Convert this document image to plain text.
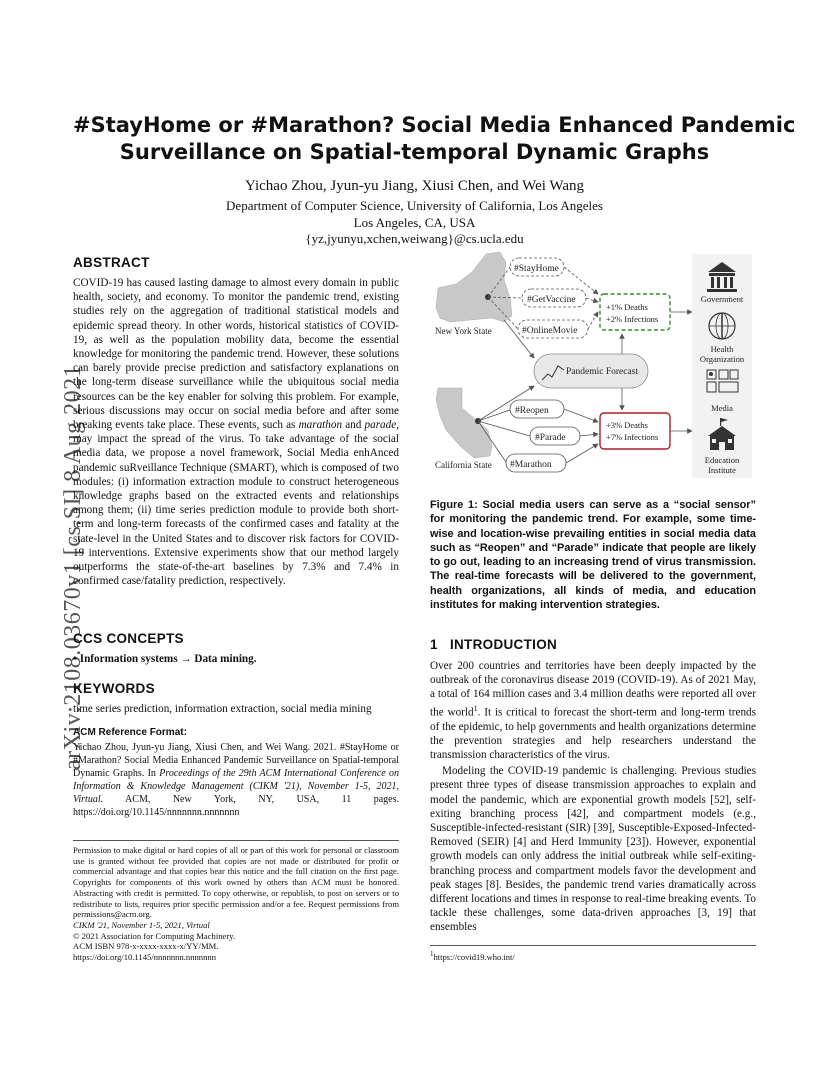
arXiv:2108.03670v1 [cs.SI] 8 Aug 2021
#StayHome or #Marathon? Social Media Enhanced Pandemic
Surveillance on Spatial-temporal Dynamic Graphs
Yichao Zhou, Jyun-yu Jiang, Xiusi Chen, and Wei Wang
Department of Computer Science, University of California, Los Angeles
Los Angeles, CA, USA
{yz,jyunyu,xchen,weiwang}@cs.ucla.edu
ABSTRACT

COVID-19 has caused lasting damage to almost every domain in public health, society, and economy. To monitor the pandemic trend, existing studies rely on the aggregation of traditional statistical models and epidemic spread theory. In other words, historical statistics of COVID-19, as well as the population mobility data, become the essential knowledge for monitoring the pandemic trend. However, these solutions can barely provide precise prediction and satisfactory explanations on the long-term disease surveillance while the ubiquitous social media resources can be the key enabler for solving this problem. For example, serious discussions may occur on social media before and after some breaking events take place. These events, such as marathon and parade, may impact the spread of the virus. To take advantage of the social media data, we propose a novel framework, Social Media enhAnced pandemic suRveillance Technique (SMART), which is composed of two modules: (i) information extraction module to construct heterogeneous knowledge graphs based on the extracted events and relationships among them; (ii) time series prediction module to provide both short-term and long-term forecasts of the confirmed cases and fatality at the state-level in the United States and to discover risk factors for COVID-19 interventions. Extensive experiments show that our method largely outperforms the state-of-the-art baselines by 7.3% and 7.4% in confirmed case/fatality prediction, respectively.

CCS CONCEPTS

• Information systems → Data mining.

KEYWORDS

time series prediction, information extraction, social media mining

ACM Reference Format:
Yichao Zhou, Jyun-yu Jiang, Xiusi Chen, and Wei Wang. 2021. #StayHome or #Marathon? Social Media Enhanced Pandemic Surveillance on Spatial-temporal Dynamic Graphs. In Proceedings of the 29th ACM International Conference on Information & Knowledge Management (CIKM '21), November 1-5, 2021, Virtual. ACM, New York, NY, USA, 11 pages. https://doi.org/10.1145/nnnnnnn.nnnnnnn
Permission to make digital or hard copies of all or part of this work for personal or classroom use is granted without fee provided that copies are not made or distributed for profit or commercial advantage and that copies bear this notice and the full citation on the first page. Copyrights for components of this work owned by others than ACM must be honored. Abstracting with credit is permitted. To copy otherwise, or republish, to post on servers or to redistribute to lists, requires prior specific permission and/or a fee. Request permissions from permissions@acm.org.
CIKM '21, November 1-5, 2021, Virtual
© 2021 Association for Computing Machinery.
ACM ISBN 978-x-xxxx-xxxx-x/YY/MM.
https://doi.org/10.1145/nnnnnnn.nnnnnnn
New York State
#StayHome
#GetVaccine
#OnlineMovie
+1% Deaths
+2% Infections
Pandemic Forecast
California State
#Reopen
#Parade
#Marathon
+3% Deaths
+7% Infections
Government
Health
Organization
Media
Education
Institute
Figure 1: Social media users can serve as a “social sensor” for monitoring the pandemic trend. For example, some time-wise and location-wise prevailing entities in social media data such as “Reopen” and “Parade” indicate that people are likely to go out, leading to an increasing trend of virus transmission. The real-time forecasts will be delivered to the government, health organizations, all kinds of media, and education institutes for making intervention strategies.
1   INTRODUCTION

Over 200 countries and territories have been deeply impacted by the outbreak of the coronavirus disease 2019 (COVID-19). As of 2021 May, a total of 164 million cases and 3.4 million deaths were reported all over the world$^1$. It is critical to forecast the short-term and long-term trends of the epidemic, to help governments and health organizations determine the prevention strategies and help researchers understand the transmission characteristics of the virus.

Modeling the COVID-19 pandemic is challenging. Previous studies present three types of disease transmission approaches to explain and model the pandemic, which are exponential growth models [52], self-exiting branching process [42], and compartment models (e.g., Susceptible-infected-resistant (SIR) [39], Susceptible-Exposed-Infected-Removed (SEIR) [4] and Herd Immunity [23]). However, exponential growth models can only address the initial outbreak while self-exiting-branching process and compartment models favor the development and peak stages [8]. Besides, the pandemic trend varies dramatically across different locations and times in response to real-time breaking events. To tackle these challenges, some data-driven approaches [3, 19] that ensembles

$^1$https://covid19.who.int/
